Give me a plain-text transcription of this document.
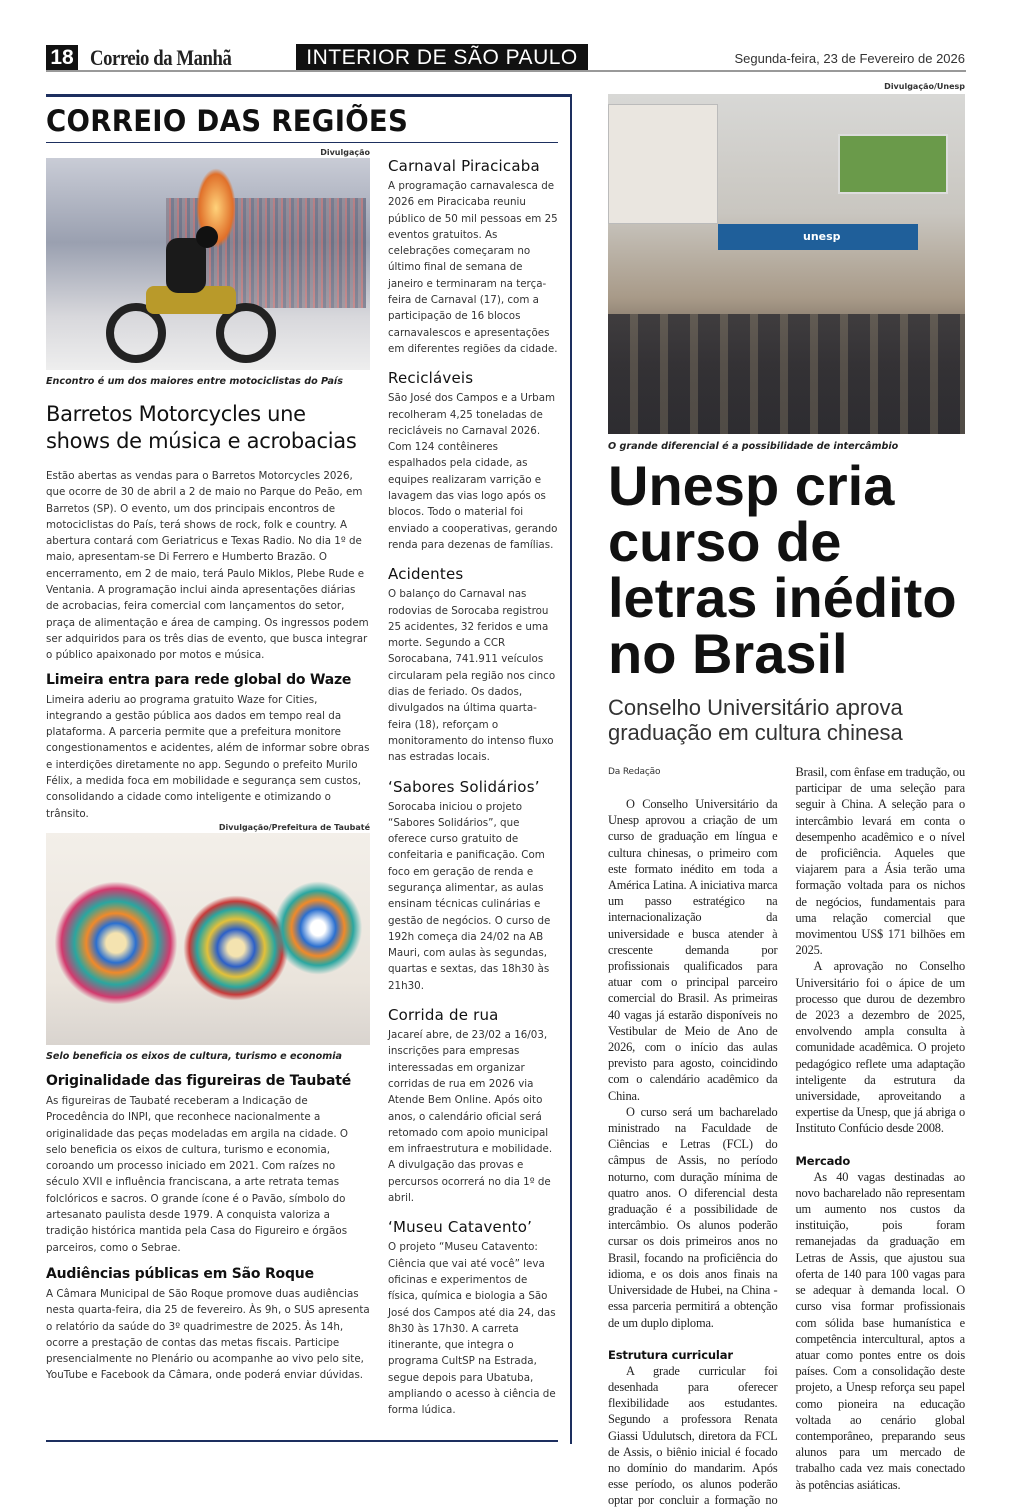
18 Correio da Manhã	INTERIOR DE SÃO PAULO	Segunda-feira, 23 de Fevereiro de 2026
CORREIO DAS REGIÕES
Divulgação
Encontro é um dos maiores entre motociclistas do País
Barretos Motorcycles une shows de música e acrobacias
Estão abertas as vendas para o Barretos Motorcycles 2026, que ocorre de 30 de abril a 2 de maio no Parque do Peão, em Barretos (SP). O evento, um dos principais encontros de motociclistas do País, terá shows de rock, folk e country. A abertura contará com Geriatricus e Texas Radio. No dia 1º de maio, apresentam-se Di Ferrero e Humberto Brazão. O encerramento, em 2 de maio, terá Paulo Miklos, Plebe Rude e Ventania. A programação inclui ainda apresentações diárias de acrobacias, feira comercial com lançamentos do setor, praça de alimentação e área de camping. Os ingressos podem ser adquiridos para os três dias de evento, que busca integrar o público apaixonado por motos e música.
Limeira entra para rede global do Waze
Limeira aderiu ao programa gratuito Waze for Cities, integrando a gestão pública aos dados em tempo real da plataforma. A parceria permite que a prefeitura monitore congestionamentos e acidentes, além de informar sobre obras e interdições diretamente no app. Segundo o prefeito Murilo Félix, a medida foca em mobilidade e segurança sem custos, consolidando a cidade como inteligente e otimizando o trânsito.
Divulgação/Prefeitura de Taubaté
Selo beneficia os eixos de cultura, turismo e economia
Originalidade das figureiras de Taubaté
As figureiras de Taubaté receberam a Indicação de Procedência do INPI, que reconhece nacionalmente a originalidade das peças modeladas em argila na cidade. O selo beneficia os eixos de cultura, turismo e economia, coroando um processo iniciado em 2021. Com raízes no século XVII e influência franciscana, a arte retrata temas folclóricos e sacros. O grande ícone é o Pavão, símbolo do artesanato paulista desde 1979. A conquista valoriza a tradição histórica mantida pela Casa do Figureiro e órgãos parceiros, como o Sebrae.
Audiências públicas em São Roque
A Câmara Municipal de São Roque promove duas audiências nesta quarta-feira, dia 25 de fevereiro. Às 9h, o SUS apresenta o relatório da saúde do 3º quadrimestre de 2025. Às 14h, ocorre a prestação de contas das metas fiscais. Participe presencialmente no Plenário ou acompanhe ao vivo pelo site, YouTube e Facebook da Câmara, onde poderá enviar dúvidas.
Carnaval Piracicaba
A programação carnavalesca de 2026 em Piracicaba reuniu público de 50 mil pessoas em 25 eventos gratuitos. As celebrações começaram no último final de semana de janeiro e terminaram na terça-feira de Carnaval (17), com a participação de 16 blocos carnavalescos e apresentações em diferentes regiões da cidade.
Recicláveis
São José dos Campos e a Urbam recolheram 4,25 toneladas de recicláveis no Carnaval 2026. Com 124 contêineres espalhados pela cidade, as equipes realizaram varrição e lavagem das vias logo após os blocos. Todo o material foi enviado a cooperativas, gerando renda para dezenas de famílias.
Acidentes
O balanço do Carnaval nas rodovias de Sorocaba registrou 25 acidentes, 32 feridos e uma morte. Segundo a CCR Sorocabana, 741.911 veículos circularam pela região nos cinco dias de feriado. Os dados, divulgados na última quarta-feira (18), reforçam o monitoramento do intenso fluxo nas estradas locais.
‘Sabores Solidários’
Sorocaba iniciou o projeto “Sabores Solidários”, que oferece curso gratuito de confeitaria e panificação. Com foco em geração de renda e segurança alimentar, as aulas ensinam técnicas culinárias e gestão de negócios. O curso de 192h começa dia 24/02 na AB Mauri, com aulas às segundas, quartas e sextas, das 18h30 às 21h30.
Corrida de rua
Jacareí abre, de 23/02 a 16/03, inscrições para empresas interessadas em organizar corridas de rua em 2026 via Atende Bem Online. Após oito anos, o calendário oficial será retomado com apoio municipal em infraestrutura e mobilidade. A divulgação das provas e percursos ocorrerá no dia 1º de abril.
‘Museu Catavento’
O projeto “Museu Catavento: Ciência que vai até você” leva oficinas e experimentos de física, química e biologia a São José dos Campos até dia 24, das 8h30 às 17h30. A carreta itinerante, que integra o programa CultSP na Estrada, segue depois para Ubatuba, ampliando o acesso à ciência de forma lúdica.
Divulgação/Unesp
unesp
O grande diferencial é a possibilidade de intercâmbio
Unesp cria curso de letras inédito no Brasil
Conselho Universitário aprova graduação em cultura chinesa
Da Redação

O Conselho Universitário da Unesp aprovou a criação de um curso de graduação em língua e cultura chinesas, o primeiro com este formato inédito em toda a América Latina. A iniciativa marca um passo estratégico na internacionalização da universidade e busca atender à crescente demanda por profissionais qualificados para atuar com o principal parceiro comercial do Brasil. As primeiras 40 vagas já estarão disponíveis no Vestibular de Meio de Ano de 2026, com o início das aulas previsto para agosto, coincidindo com o calendário acadêmico da China.

O curso será um bacharelado ministrado na Faculdade de Ciências e Letras (FCL) do câmpus de Assis, no período noturno, com duração mínima de quatro anos. O diferencial desta graduação é a possibilidade de intercâmbio. Os alunos poderão cursar os dois primeiros anos no Brasil, focando na proficiência do idioma, e os dois anos finais na Universidade de Hubei, na China - essa parceria permitirá a obtenção de um duplo diploma.

Estrutura curricular

A grade curricular foi desenhada para oferecer flexibilidade aos estudantes. Segundo a professora Renata Giassi Udulutsch, diretora da FCL de Assis, o biênio inicial é focado no domínio do mandarim. Após esse período, os alunos poderão optar por concluir a formação no Brasil, com ênfase em tradução, ou participar de uma seleção para seguir à China. A seleção para o intercâmbio levará em conta o desempenho acadêmico e o nível de proficiência. Aqueles que viajarem para a Ásia terão uma formação voltada para os nichos de negócios, fundamentais para uma relação comercial que movimentou US$ 171 bilhões em 2025.

A aprovação no Conselho Universitário foi o ápice de um processo que durou de dezembro de 2023 a dezembro de 2025, envolvendo ampla consulta à comunidade acadêmica. O projeto pedagógico reflete uma adaptação inteligente da estrutura da universidade, aproveitando a expertise da Unesp, que já abriga o Instituto Confúcio desde 2008.

Mercado

As 40 vagas destinadas ao novo bacharelado não representam um aumento nos custos da instituição, pois foram remanejadas da graduação em Letras de Assis, que ajustou sua oferta de 140 para 100 vagas para se adequar à demanda local. O curso visa formar profissionais com sólida base humanística e competência intercultural, aptos a atuar como pontes entre os dois países. Com a consolidação deste projeto, a Unesp reforça seu papel como pioneira na educação voltada ao cenário global contemporâneo, preparando seus alunos para um mercado de trabalho cada vez mais conectado às potências asiáticas.
